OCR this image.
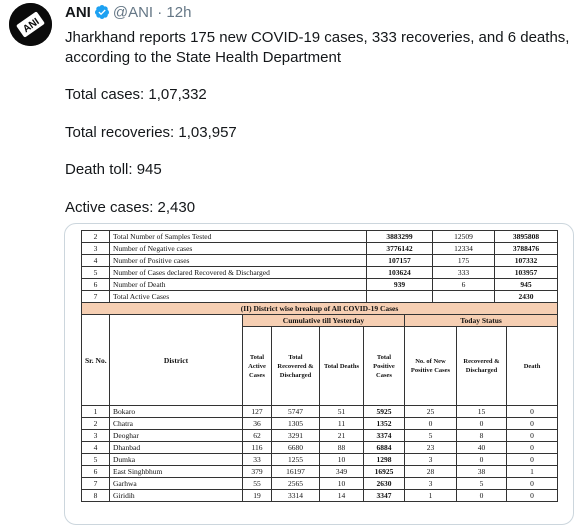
ANI
ANI @ANI · 12h

Jharkhand reports 175 new COVID-19 cases, 333 recoveries, and 6 deaths, according to the State Health Department

Total cases: 1,07,332

Total recoveries: 1,03,957

Death toll: 945

Active cases: 2,430

2	Total Number of Samples Tested	3883299	12509	3895808
3	Number of Negative cases	3776142	12334	3788476
4	Number of Positive cases	107157	175	107332
5	Number of Cases declared Recovered & Discharged	103624	333	103957
6	Number of Death	939	6	945
7	Total Active Cases			2430
(II) District wise breakup of All COVID-19 Cases								
Sr. No.	District	Cumulative till Yesterday				Today Status		
		Total Active Cases	Total Recovered & Discharged	Total Deaths	Total Positive Cases	No. of New Positive Cases	Recovered & Discharged	Death
1	Bokaro	127	5747	51	5925	25	15	0
2	Chatra	36	1305	11	1352	0	0	0
3	Deoghar	62	3291	21	3374	5	8	0
4	Dhanbad	116	6680	88	6884	23	40	0
5	Dumka	33	1255	10	1298	3	0	0
6	East Singhbhum	379	16197	349	16925	28	38	1
7	Garhwa	55	2565	10	2630	3	5	0
8	Giridih	19	3314	14	3347	1	0	0
